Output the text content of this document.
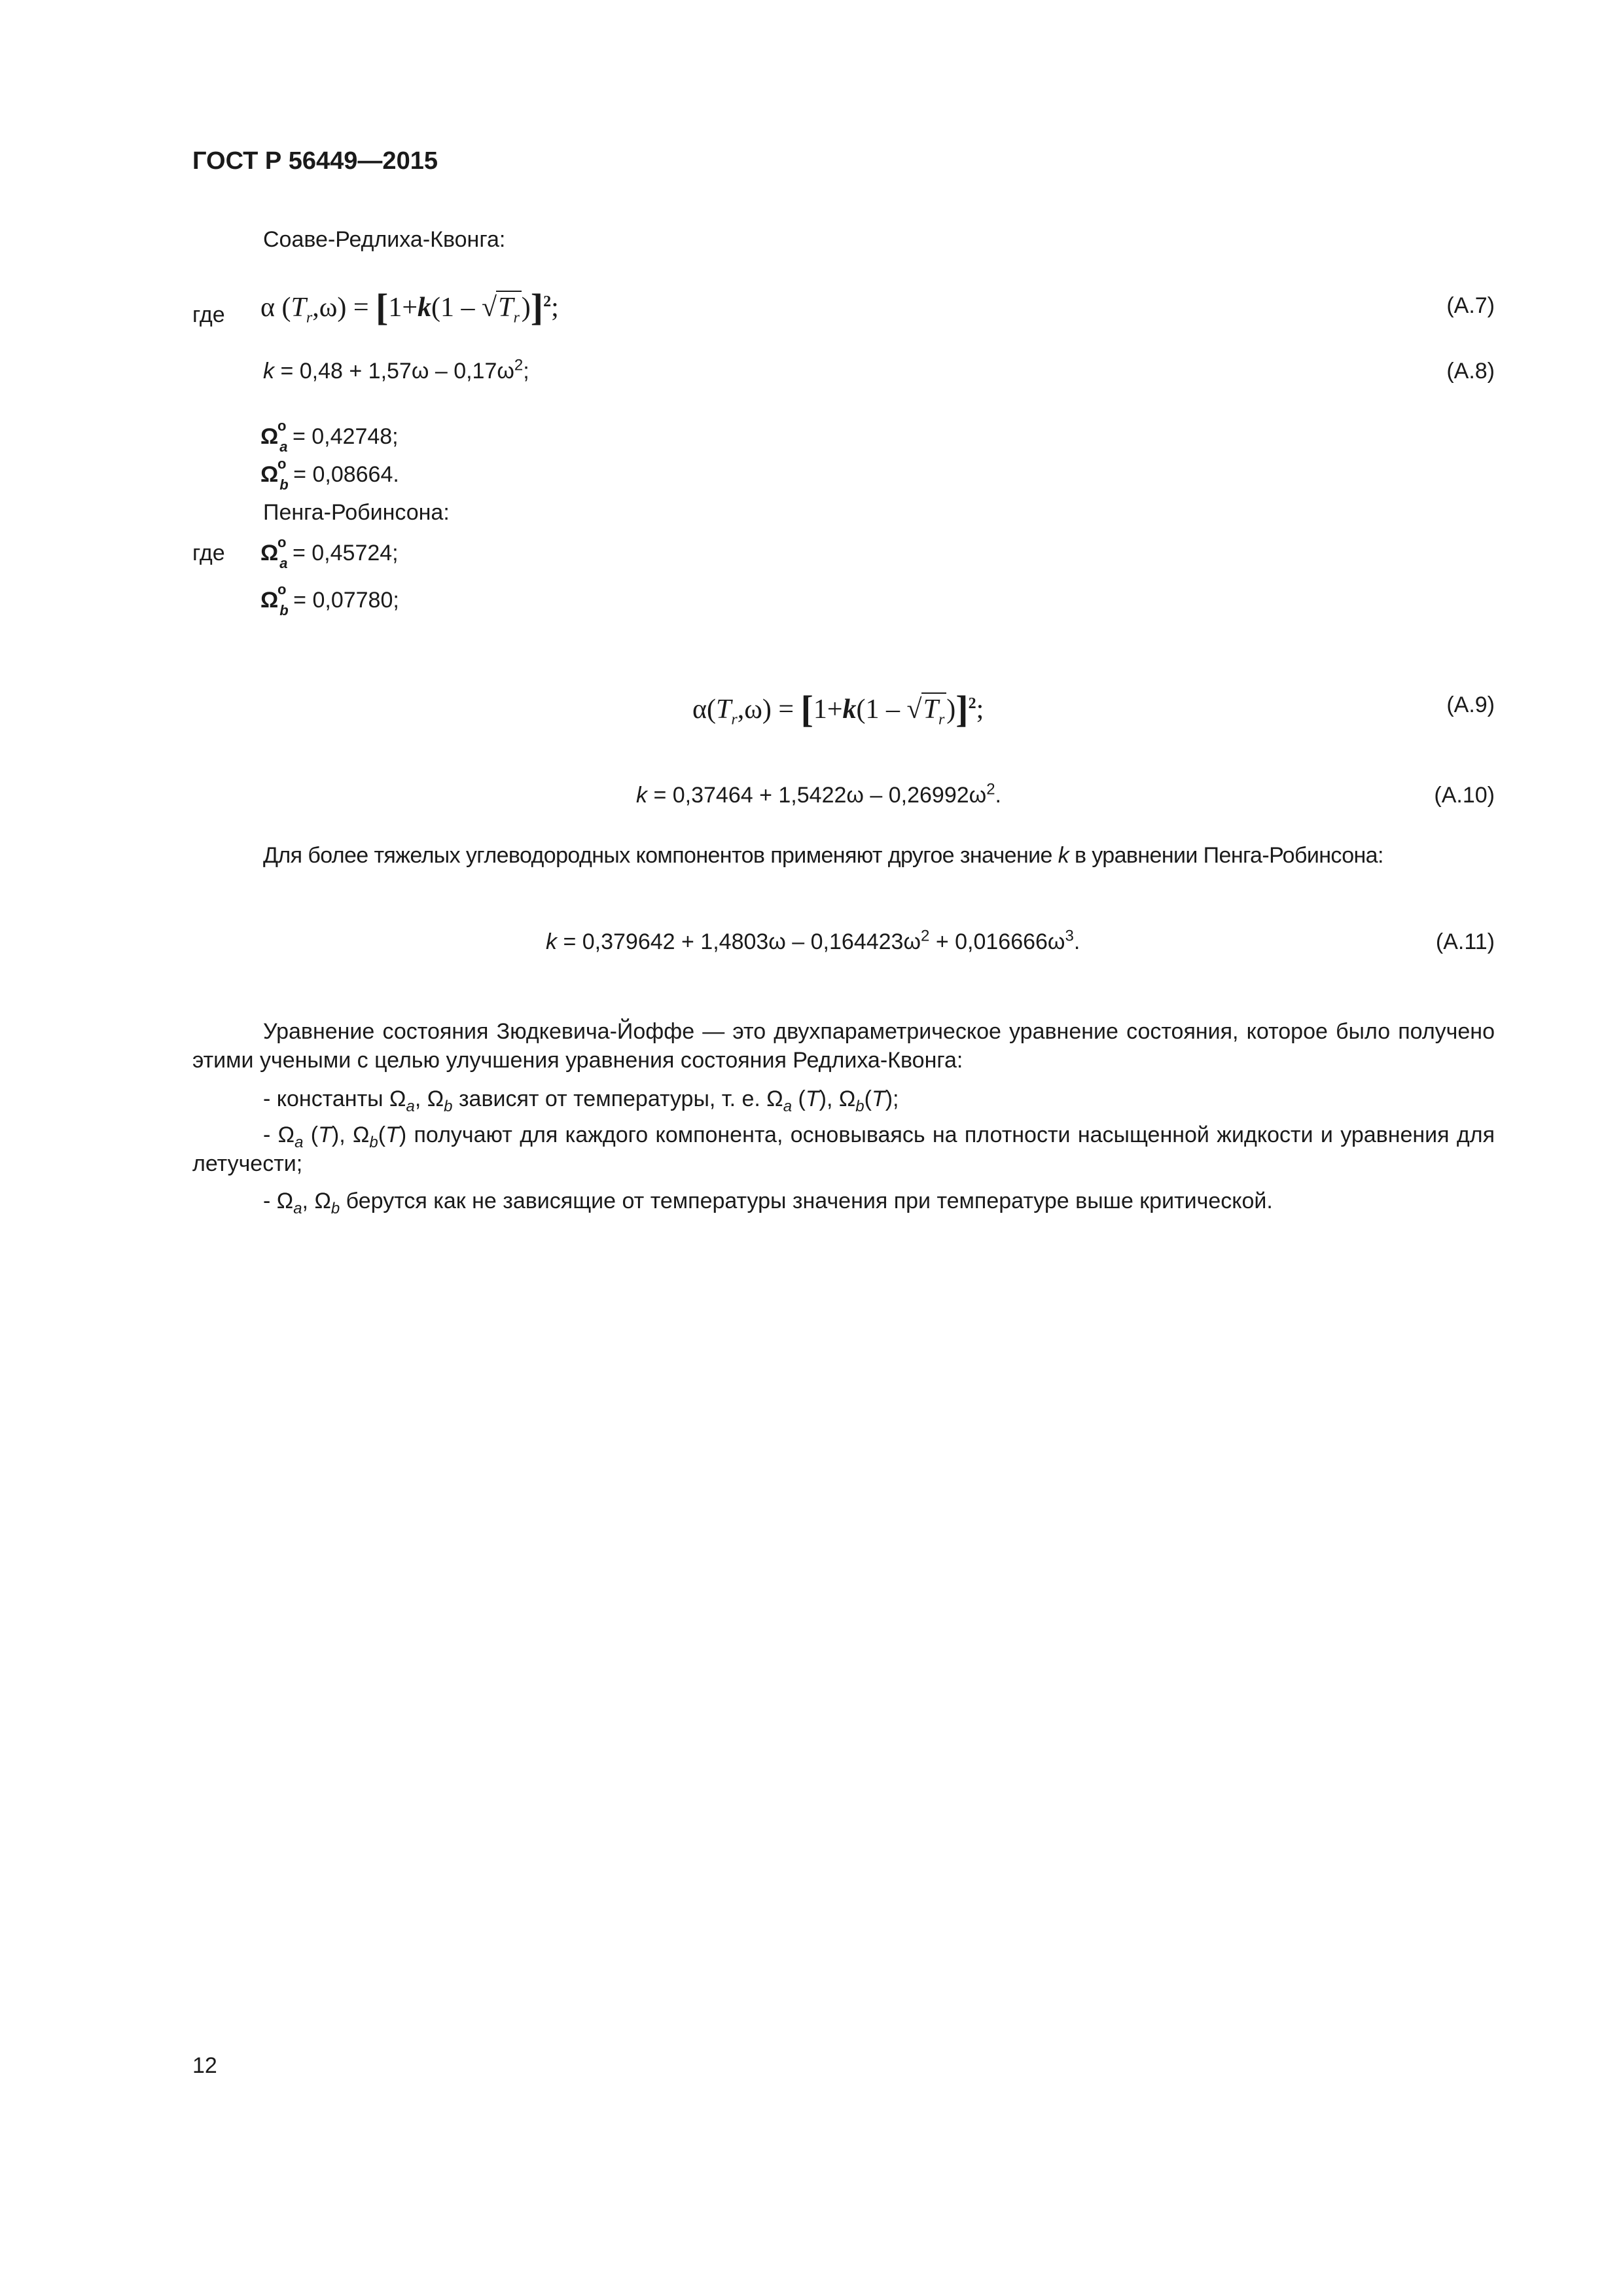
ГОСТ Р 56449—2015
Соаве-Редлиха-Квонга:
где α $(T_r,\omega) = [1+k(1 - √T_r)]^2$;	(А.7)
$k = 0,48 + 1,57\omega - 0,17\omega^2$;	(А.8)
Ω
o
$_a$ = 0,42748;
Ω
o
$_b$ = 0,08664.
Пенга-Робинсона:
где Ω
o
$_a$ = 0,45724;
Ω
o
$_b$ = 0,07780;
$\alpha(T_r,\omega) = [1+k(1 - √T_r)]^2$;	(А.9)
$k = 0,37464 + 1,5422\omega - 0,26992\omega^2$.	(А.10)
Для более тяжелых углеводородных компонентов применяют другое значение k в уравнении Пенга-Робинсона:
$k = 0,379642 + 1,4803\omega - 0,164423\omega^2 + 0,016666\omega^3$.	(А.11)
Уравнение состояния Зюдкевича-Йоффе — это двухпараметрическое уравнение состояния, которое было получено этими учеными с целью улучшения уравнения состояния Редлиха-Квонга:
- константы $\Omega_a$, $\Omega_b$ зависят от температуры, т. е. $\Omega_a$ (T), $\Omega_b(T)$;
- $\Omega_a$ (T), $\Omega_b(T)$ получают для каждого компонента, основываясь на плотности насыщенной жидкости и уравнения для летучести;
- $\Omega_a$, $\Omega_b$ берутся как не зависящие от температуры значения при температуре выше критической.
12
